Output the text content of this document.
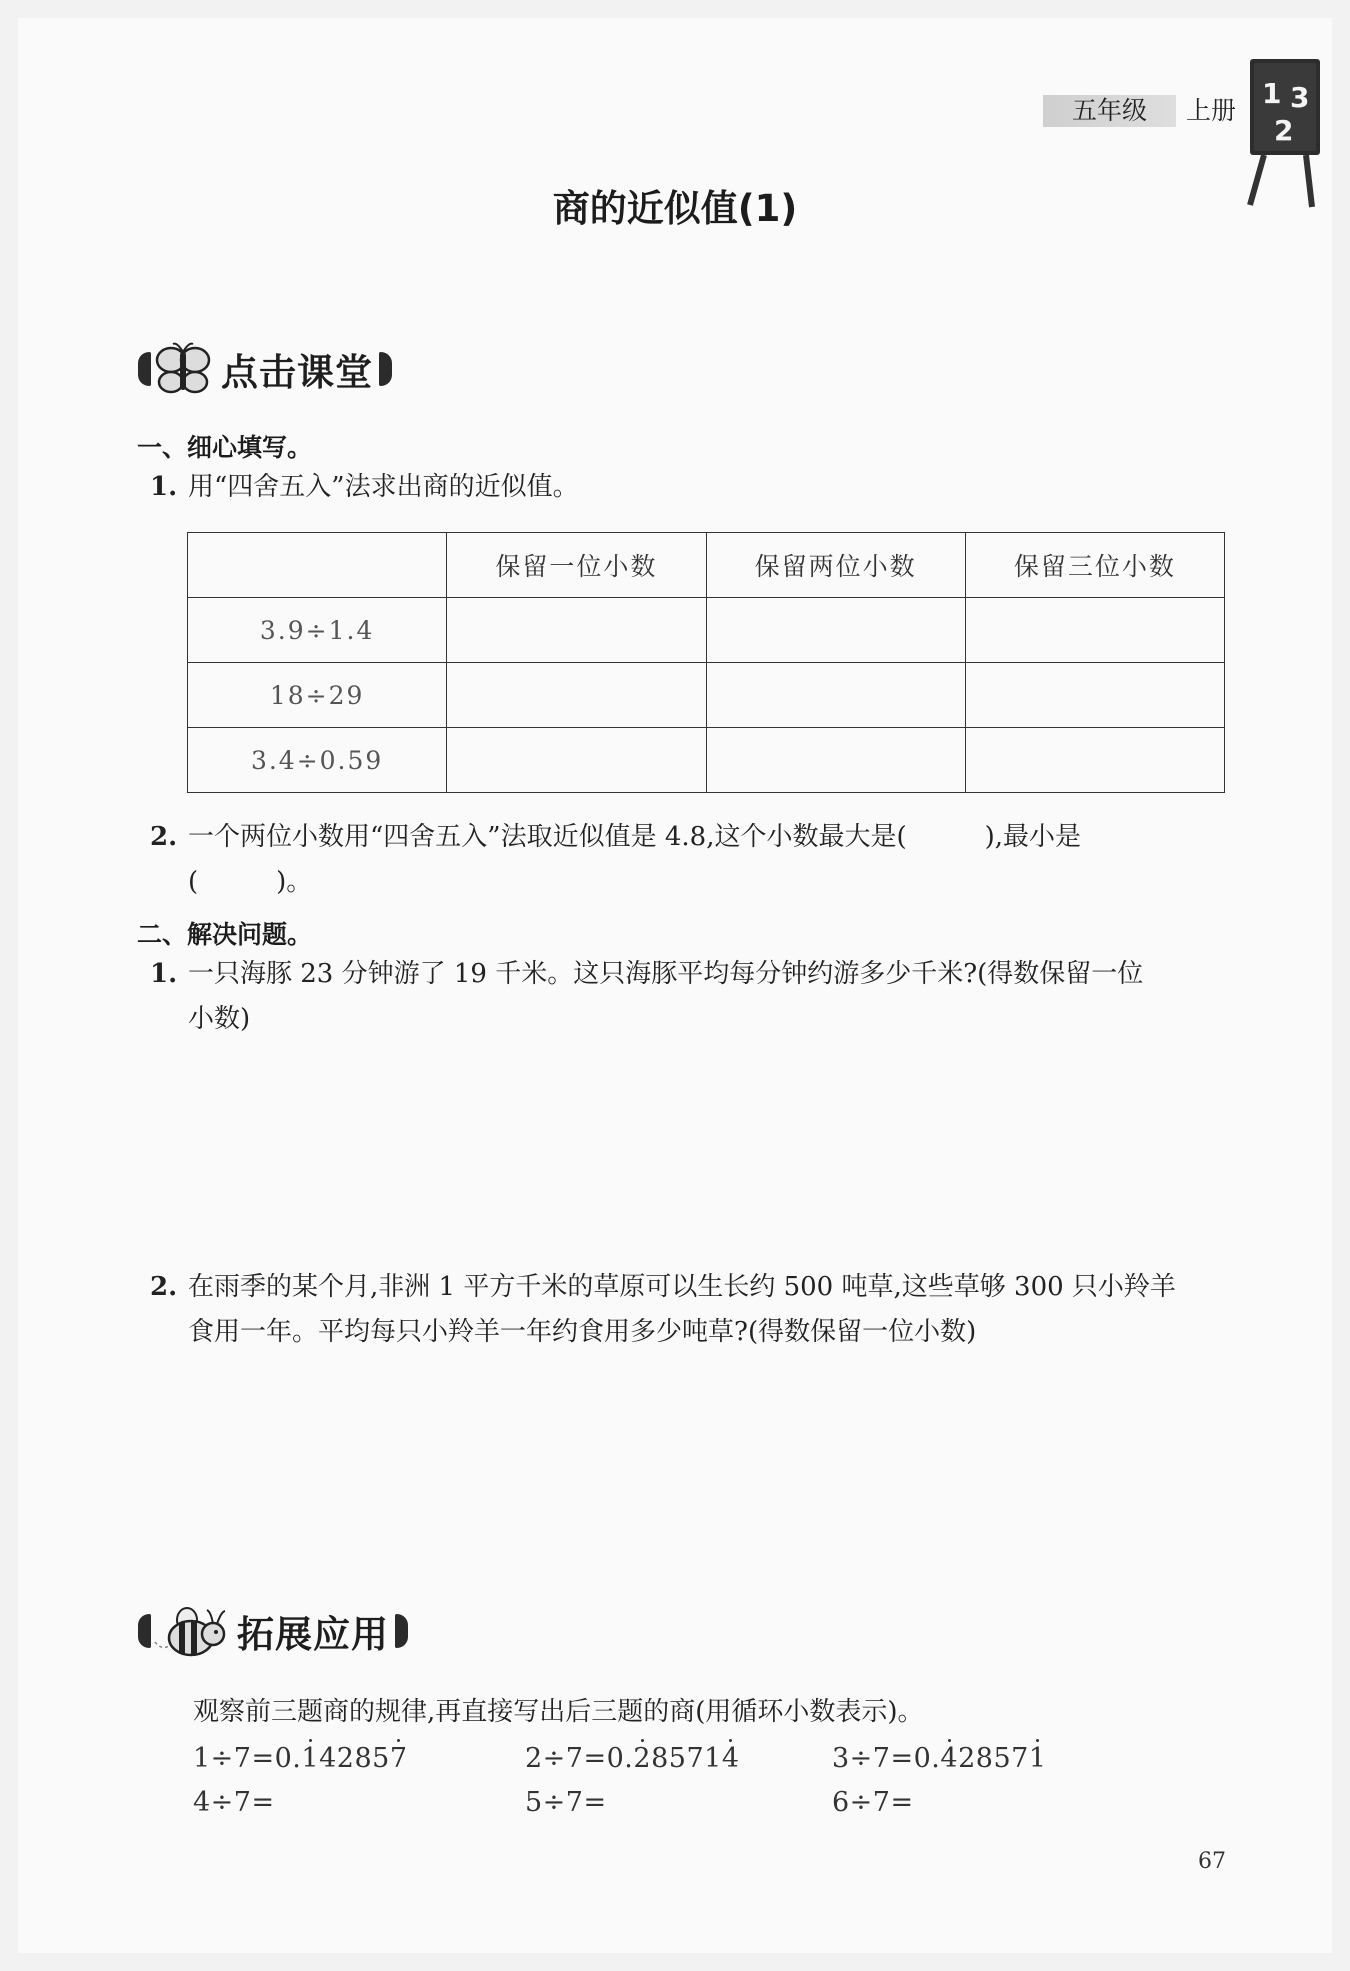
五年级	上册
1 3
2
商的近似值(1)
点击课堂
一、细心填写。
1. 用“四舍五入”法求出商的近似值。
	保留一位小数	保留两位小数	保留三位小数
3.9÷1.4			
18÷29			
3.4÷0.59			
2. 一个两位小数用“四舍五入”法取近似值是 4.8,这个小数最大是(　　　),最小是
(　　　)。
二、解决问题。
1. 一只海豚 23 分钟游了 19 千米。这只海豚平均每分钟约游多少千米?(得数保留一位
小数)
2. 在雨季的某个月,非洲 1 平方千米的草原可以生长约 500 吨草,这些草够 300 只小羚羊
食用一年。平均每只小羚羊一年约食用多少吨草?(得数保留一位小数)
拓展应用
观察前三题商的规律,再直接写出后三题的商(用循环小数表示)。
1÷7=0.142857	2÷7=0.285714	3÷7=0.428571
4÷7=	5÷7=	6÷7=
67
